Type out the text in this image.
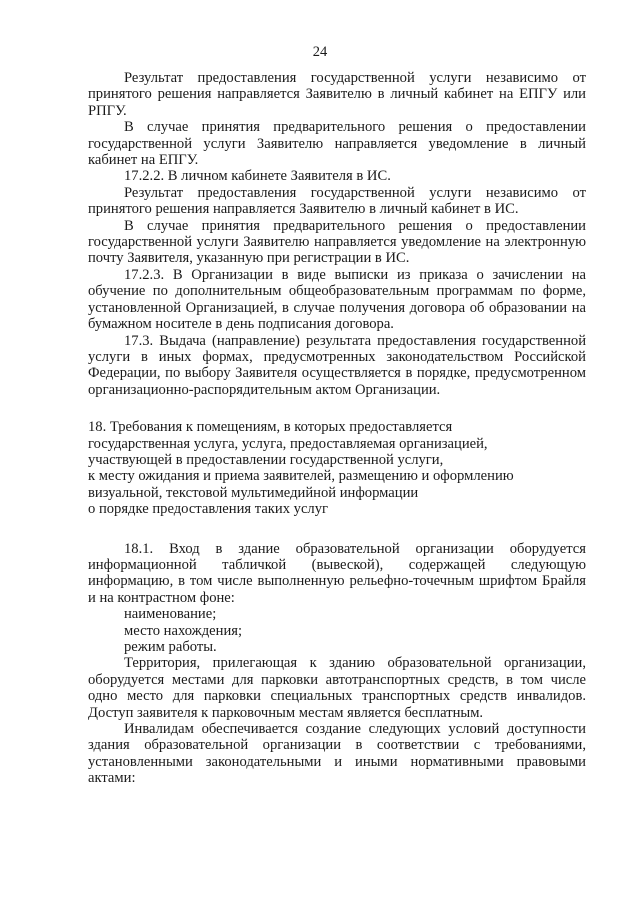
24

Результат предоставления государственной услуги независимо от принятого решения направляется Заявителю в личный кабинет на ЕПГУ или РПГУ.

В случае принятия предварительного решения о предоставлении государственной услуги Заявителю направляется уведомление в личный кабинет на ЕПГУ.

17.2.2. В личном кабинете Заявителя в ИС.

Результат предоставления государственной услуги независимо от принятого решения направляется Заявителю в личный кабинет в ИС.

В случае принятия предварительного решения о предоставлении государственной услуги Заявителю направляется уведомление на электронную почту Заявителя, указанную при регистрации в ИС.

17.2.3. В Организации в виде выписки из приказа о зачислении на обучение по дополнительным общеобразовательным программам по форме, установленной Организацией, в случае получения договора об образовании на бумажном носителе в день подписания договора.

17.3. Выдача (направление) результата предоставления государственной услуги в иных формах, предусмотренных законодательством Российской Федерации, по выбору Заявителя осуществляется в порядке, предусмотренном организационно-распорядительным актом Организации.

18. Требования к помещениям, в которых предоставляется
государственная услуга, услуга, предоставляемая организацией,
участвующей в предоставлении государственной услуги,
к месту ожидания и приема заявителей, размещению и оформлению
визуальной, текстовой мультимедийной информации
о порядке предоставления таких услуг

18.1. Вход в здание образовательной организации оборудуется информационной табличкой (вывеской), содержащей следующую информацию, в том числе выполненную рельефно-точечным шрифтом Брайля и на контрастном фоне:

наименование;

место нахождения;

режим работы.

Территория, прилегающая к зданию образовательной организации, оборудуется местами для парковки автотранспортных средств, в том числе одно место для парковки специальных транспортных средств инвалидов. Доступ заявителя к парковочным местам является бесплатным.

Инвалидам обеспечивается создание следующих условий доступности здания образовательной организации в соответствии с требованиями, установленными законодательными и иными нормативными правовыми актами:
